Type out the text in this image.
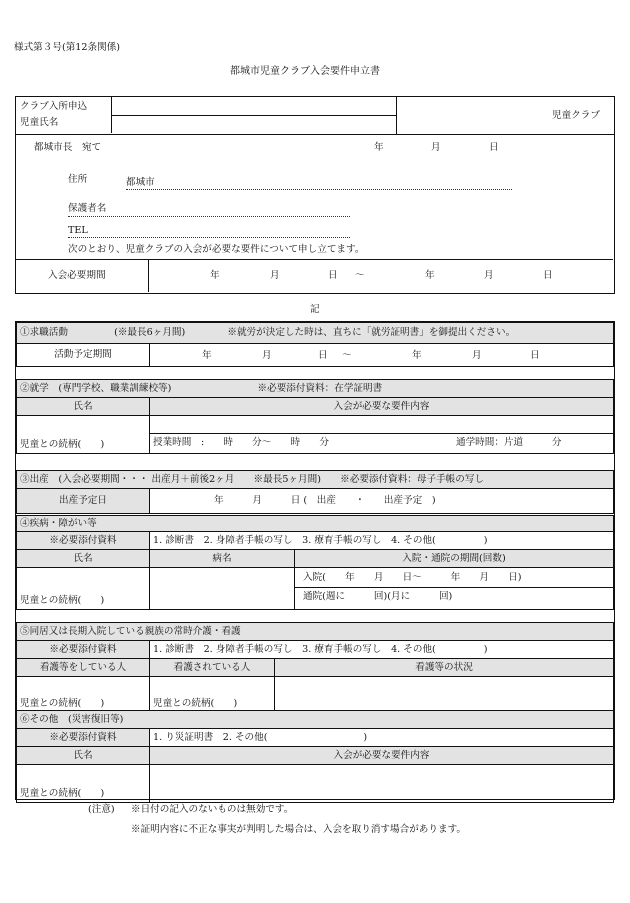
様式第３号(第12条関係)
都城市児童クラブ入会要件申立書
クラブ入所申込
児童氏名
児童クラブ
都城市長　宛て	年	月	日
住所	都城市
保護者名
TEL
次のとおり、児童クラブの入会が必要な要件について申し立てます。
入会必要期間	年	月	日 ～	年	月	日
記
①求職活動	(※最長6ヶ月間)	※就労が決定した時は、直ちに「就労証明書」を御提出ください。
活動予定期間	年	月	日 ～	年	月	日
②就学　(専門学校、職業訓練校等) ※必要添付資料：在学証明書	
氏名	入会が必要な要件内容
児童との続柄(　　)	授業時間　:　　時　　分～　　時　　分 通学時間：片道　　　分
③出産　(入会必要期間・・・ 出産月＋前後2ヶ月　　※最長5ヶ月間)　　※必要添付資料：母子手帳の写し
出産予定日	年　　　月　　　日 (　出産　　・　　出産予定　)
④疾病・障がい等		
※必要添付資料	1. 診断書　2. 身障者手帳の写し　3. 療育手帳の写し　4. その他(　　　　　)	
氏名	病名	入院・通院の期間(回数)
児童との続柄(　　)		入院(　　年　　月　　日～　　　年　　月　　日)
通院(週に　　　回)(月に　　　回)
⑤同居又は長期入院している親族の常時介護・看護		
※必要添付資料	1. 診断書　2. 身障者手帳の写し　3. 療育手帳の写し　4. その他(　　　　　)	
看護等をしている人	看護されている人	看護等の状況
児童との続柄(　　)	児童との続柄(　　)	
⑥その他　(災害復旧等)	
※必要添付資料	1. り災証明書　2. その他(　　　　　　　　　　)
氏名	入会が必要な要件内容
児童との続柄(　　)	
(注意) ※日付の記入のないものは無効です。
※証明内容に不正な事実が判明した場合は、入会を取り消す場合があります。
